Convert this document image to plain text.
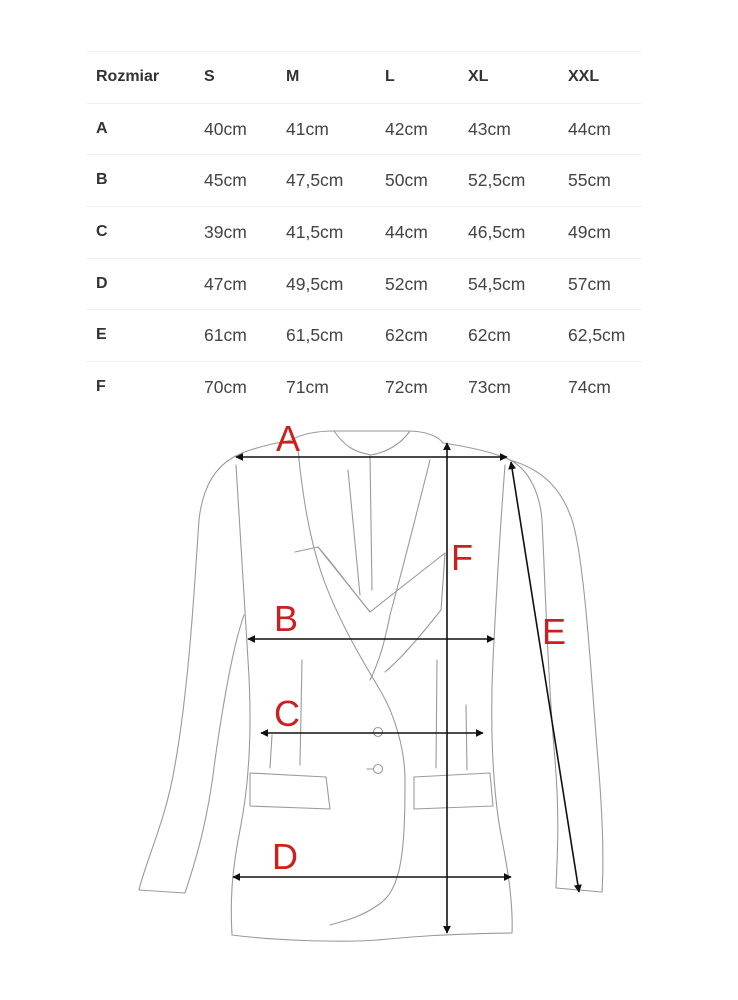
Rozmiar	S	M	L	XL	XXL
A	40cm 41cm	42cm 43cm	44cm
B	45cm 47,5cm 50cm 52,5cm 55cm
C	39cm 41,5cm 44cm 46,5cm 49cm
D	47cm 49,5cm 52cm 54,5cm 57cm
E	61cm 61,5cm 62cm 62cm	62,5cm
F	70cm 71cm	72cm 73cm	74cm
A
B
C
D
E
F
